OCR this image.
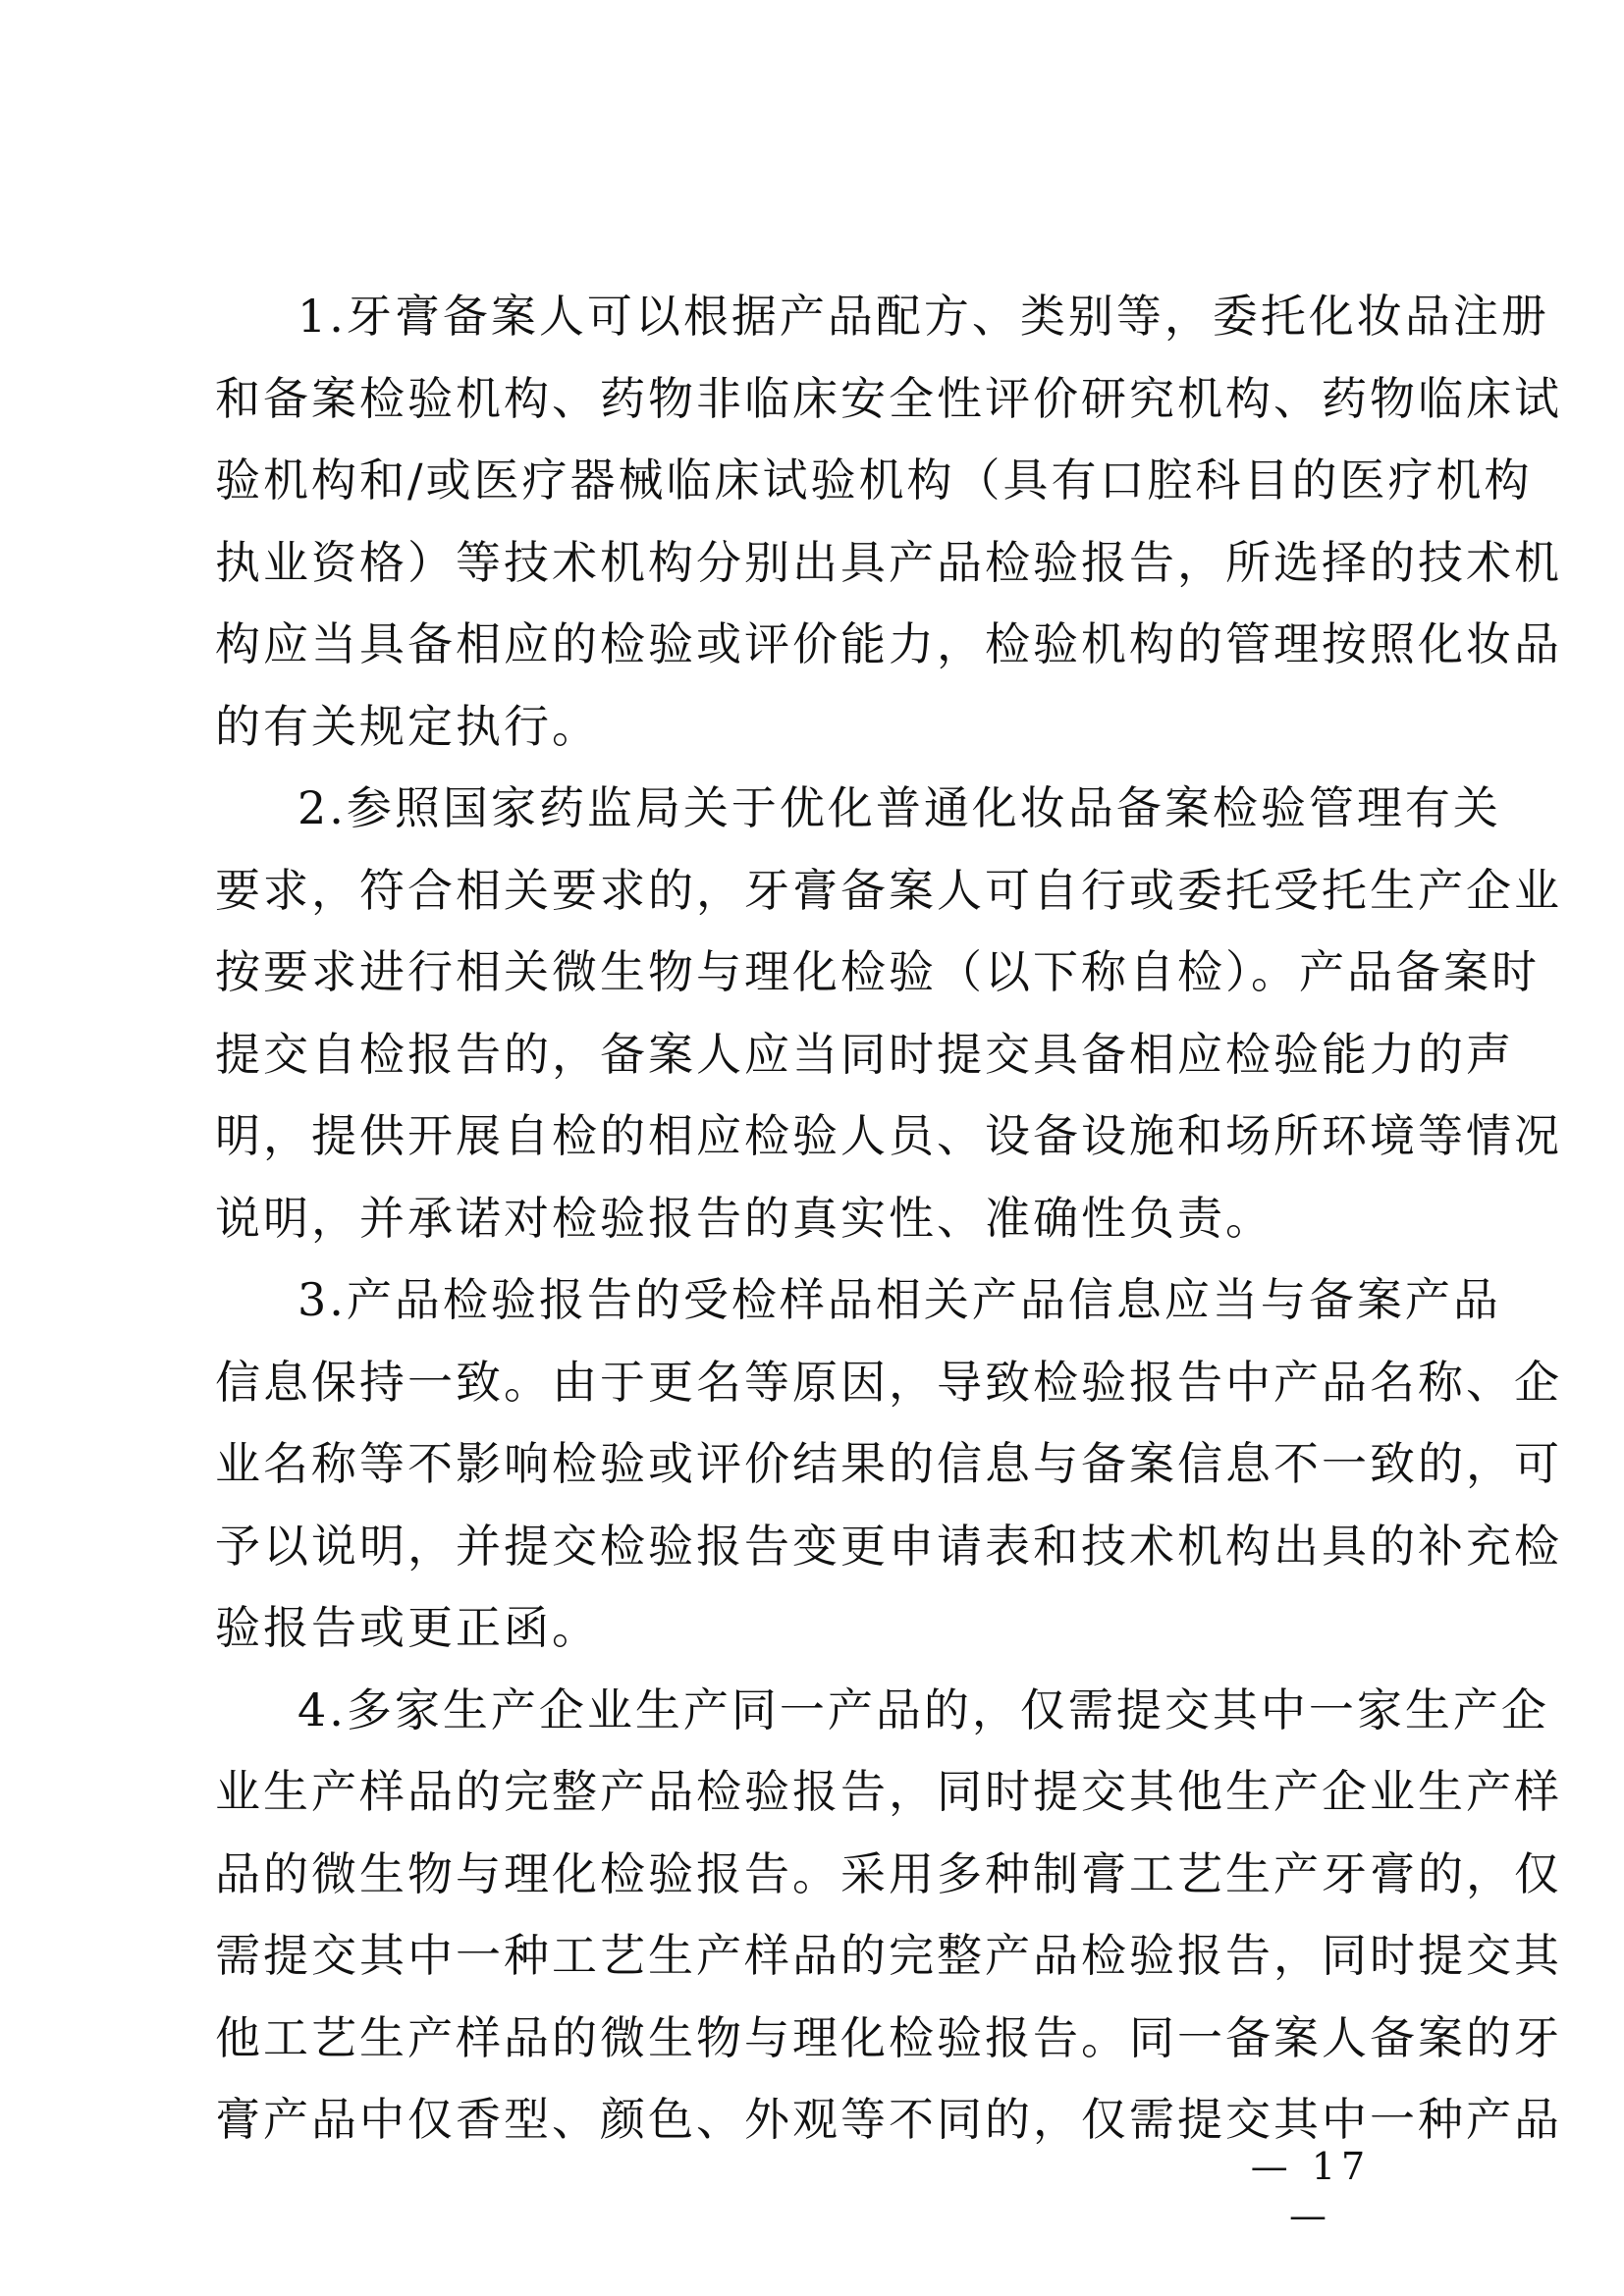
1.牙膏备案人可以根据产品配方、类别等，委托化妆品注册
和备案检验机构、药物非临床安全性评价研究机构、药物临床试
验机构和/或医疗器械临床试验机构（具有口腔科目的医疗机构
执业资格）等技术机构分别出具产品检验报告，所选择的技术机
构应当具备相应的检验或评价能力，检验机构的管理按照化妆品
的有关规定执行。
2.参照国家药监局关于优化普通化妆品备案检验管理有关
要求，符合相关要求的，牙膏备案人可自行或委托受托生产企业
按要求进行相关微生物与理化检验（以下称自检）。产品备案时
提交自检报告的，备案人应当同时提交具备相应检验能力的声
明，提供开展自检的相应检验人员、设备设施和场所环境等情况
说明，并承诺对检验报告的真实性、准确性负责。
3.产品检验报告的受检样品相关产品信息应当与备案产品
信息保持一致。由于更名等原因，导致检验报告中产品名称、企
业名称等不影响检验或评价结果的信息与备案信息不一致的，可
予以说明，并提交检验报告变更申请表和技术机构出具的补充检
验报告或更正函。
4.多家生产企业生产同一产品的，仅需提交其中一家生产企
业生产样品的完整产品检验报告，同时提交其他生产企业生产样
品的微生物与理化检验报告。采用多种制膏工艺生产牙膏的，仅
需提交其中一种工艺生产样品的完整产品检验报告，同时提交其
他工艺生产样品的微生物与理化检验报告。同一备案人备案的牙
膏产品中仅香型、颜色、外观等不同的，仅需提交其中一种产品
— 17 —
